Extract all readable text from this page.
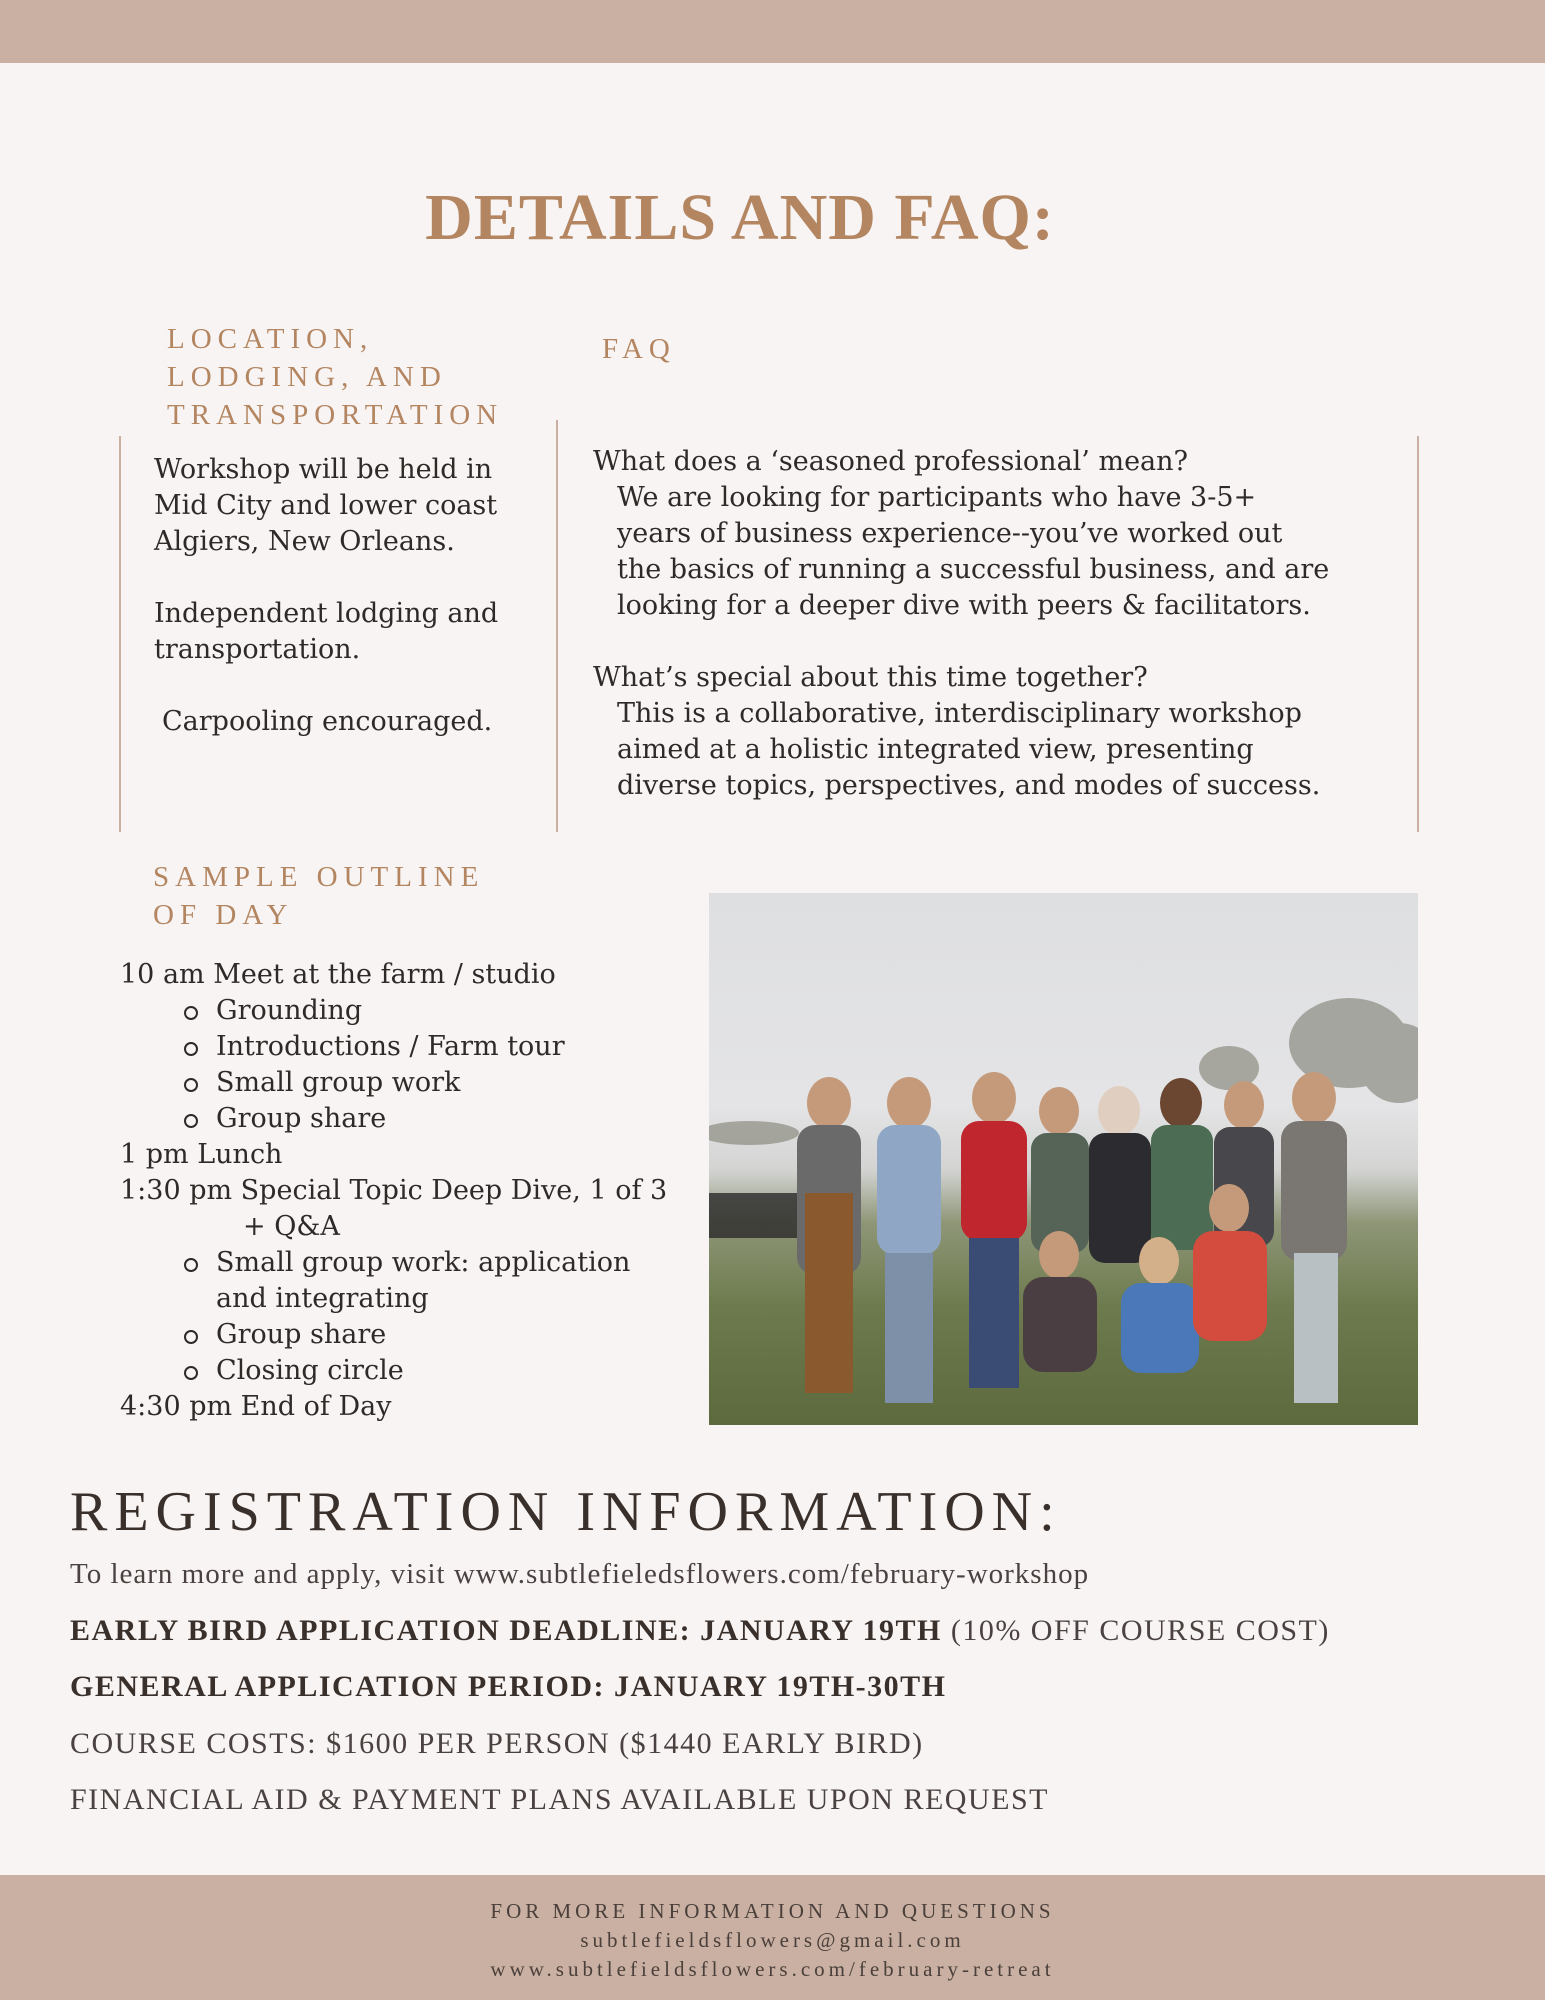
DETAILS AND FAQ:
LOCATION,
LODGING, AND
TRANSPORTATION

Workshop will be held in
Mid City and lower coast
Algiers, New Orleans.

Independent lodging and
transportation.

Carpooling encouraged.

FAQ
What does a ‘seasoned professional’ mean?
We are looking for participants who have 3-5+
years of business experience--you’ve worked out
the basics of running a successful business, and are
looking for a deeper dive with peers & facilitators.
What’s special about this time together?
This is a collaborative, interdisciplinary workshop
aimed at a holistic integrated view, presenting
diverse topics, perspectives, and modes of success.
SAMPLE OUTLINE
OF DAY
10 am Meet at the farm / studio
Grounding
Introductions / Farm tour
Small group work
Group share
1 pm Lunch
1:30 pm Special Topic Deep Dive, 1 of 3
+ Q&A
Small group work: application
and integrating
Group share
Closing circle
4:30 pm End of Day
REGISTRATION INFORMATION:
To learn more and apply, visit www.subtlefieledsflowers.com/february-workshop
EARLY BIRD APPLICATION DEADLINE: JANUARY 19TH (10% OFF COURSE COST)
GENERAL APPLICATION PERIOD: JANUARY 19TH-30TH
COURSE COSTS: $1600 PER PERSON ($1440 EARLY BIRD)
FINANCIAL AID & PAYMENT PLANS AVAILABLE UPON REQUEST
FOR MORE INFORMATION AND QUESTIONS
subtlefieldsflowers@gmail.com
www.subtlefieldsflowers.com/february-retreat
